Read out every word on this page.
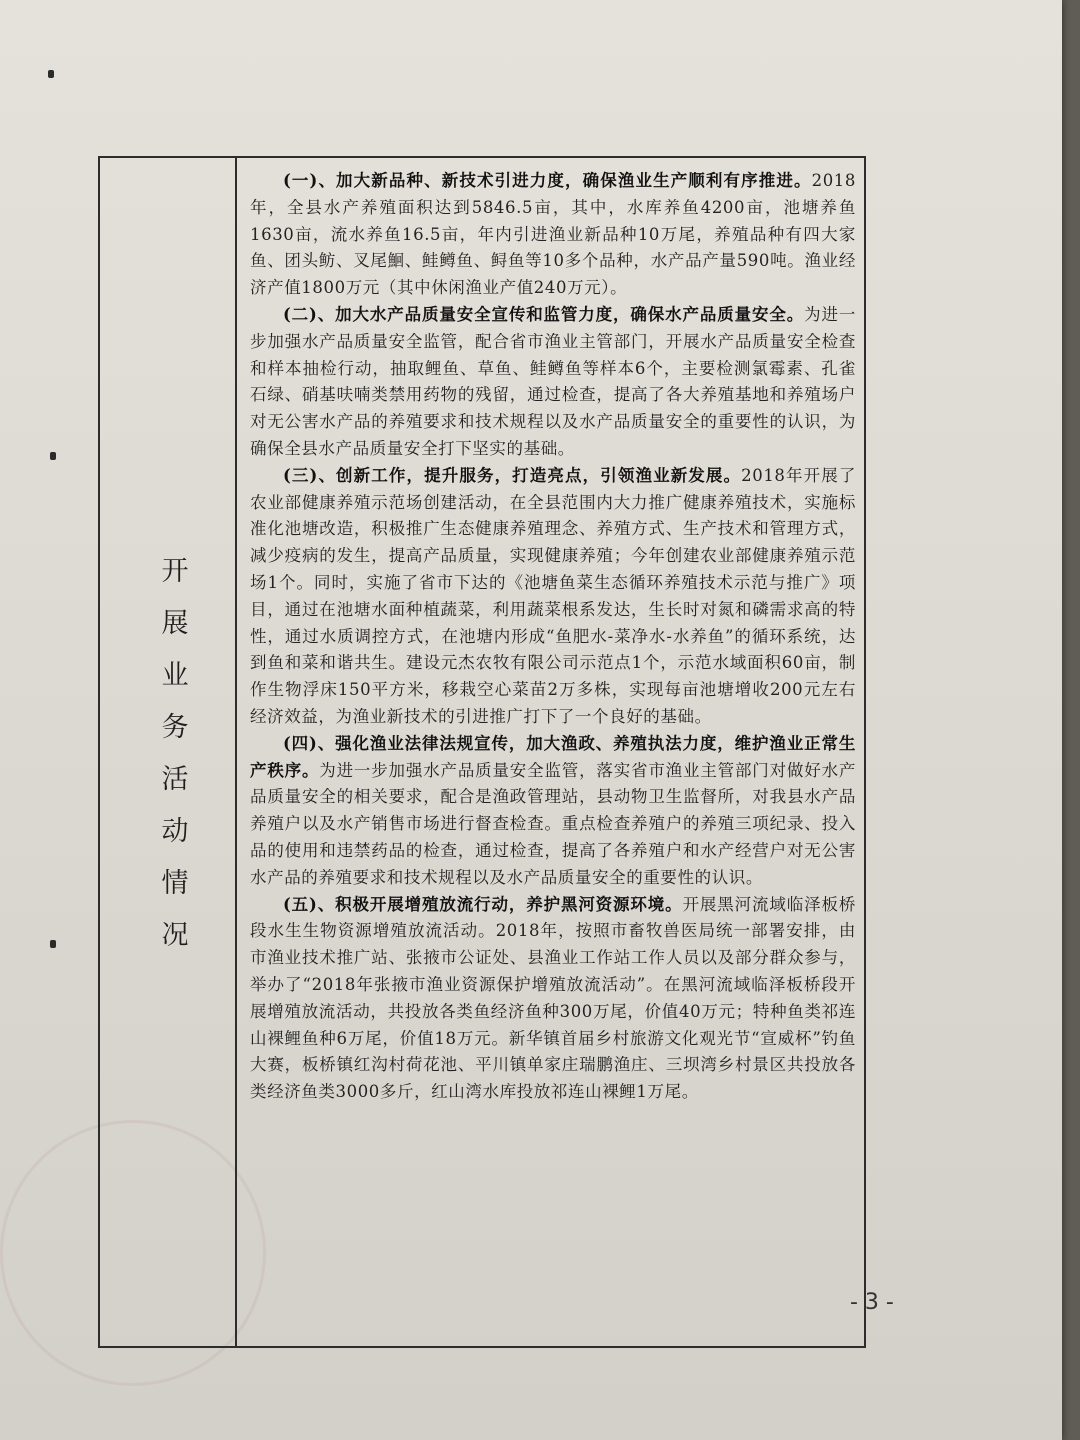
开
展
业
务
活
动
情
况

(一)、加大新品种、新技术引进力度，确保渔业生产顺利有序推进。2018年，全县水产养殖面积达到5846.5亩，其中，水库养鱼4200亩，池塘养鱼1630亩，流水养鱼16.5亩，年内引进渔业新品种10万尾，养殖品种有四大家鱼、团头鲂、叉尾鮰、鲑鳟鱼、鲟鱼等10多个品种，水产品产量590吨。渔业经济产值1800万元（其中休闲渔业产值240万元）。

(二)、加大水产品质量安全宣传和监管力度，确保水产品质量安全。为进一步加强水产品质量安全监管，配合省市渔业主管部门，开展水产品质量安全检查和样本抽检行动，抽取鲤鱼、草鱼、鲑鳟鱼等样本6个，主要检测氯霉素、孔雀石绿、硝基呋喃类禁用药物的残留，通过检查，提高了各大养殖基地和养殖场户对无公害水产品的养殖要求和技术规程以及水产品质量安全的重要性的认识，为确保全县水产品质量安全打下坚实的基础。

(三)、创新工作，提升服务，打造亮点，引领渔业新发展。2018年开展了农业部健康养殖示范场创建活动，在全县范围内大力推广健康养殖技术，实施标准化池塘改造，积极推广生态健康养殖理念、养殖方式、生产技术和管理方式，减少疫病的发生，提高产品质量，实现健康养殖；今年创建农业部健康养殖示范场1个。同时，实施了省市下达的《池塘鱼菜生态循环养殖技术示范与推广》项目，通过在池塘水面种植蔬菜，利用蔬菜根系发达，生长时对氮和磷需求高的特性，通过水质调控方式，在池塘内形成“鱼肥水-菜净水-水养鱼”的循环系统，达到鱼和菜和谐共生。建设元杰农牧有限公司示范点1个，示范水域面积60亩，制作生物浮床150平方米，移栽空心菜苗2万多株，实现每亩池塘增收200元左右经济效益，为渔业新技术的引进推广打下了一个良好的基础。

(四)、强化渔业法律法规宣传，加大渔政、养殖执法力度，维护渔业正常生产秩序。为进一步加强水产品质量安全监管，落实省市渔业主管部门对做好水产品质量安全的相关要求，配合是渔政管理站，县动物卫生监督所，对我县水产品养殖户以及水产销售市场进行督查检查。重点检查养殖户的养殖三项纪录、投入品的使用和违禁药品的检查，通过检查，提高了各养殖户和水产经营户对无公害水产品的养殖要求和技术规程以及水产品质量安全的重要性的认识。

(五)、积极开展增殖放流行动，养护黑河资源环境。开展黑河流域临泽板桥段水生生物资源增殖放流活动。2018年，按照市畜牧兽医局统一部署安排，由市渔业技术推广站、张掖市公证处、县渔业工作站工作人员以及部分群众参与，举办了“2018年张掖市渔业资源保护增殖放流活动”。在黑河流域临泽板桥段开展增殖放流活动，共投放各类鱼经济鱼种300万尾，价值40万元；特种鱼类祁连山裸鲤鱼种6万尾，价值18万元。新华镇首届乡村旅游文化观光节“宣威杯”钓鱼大赛，板桥镇红沟村荷花池、平川镇单家庄瑞鹏渔庄、三坝湾乡村景区共投放各类经济鱼类3000多斤，红山湾水库投放祁连山裸鲤1万尾。

- 3 -
